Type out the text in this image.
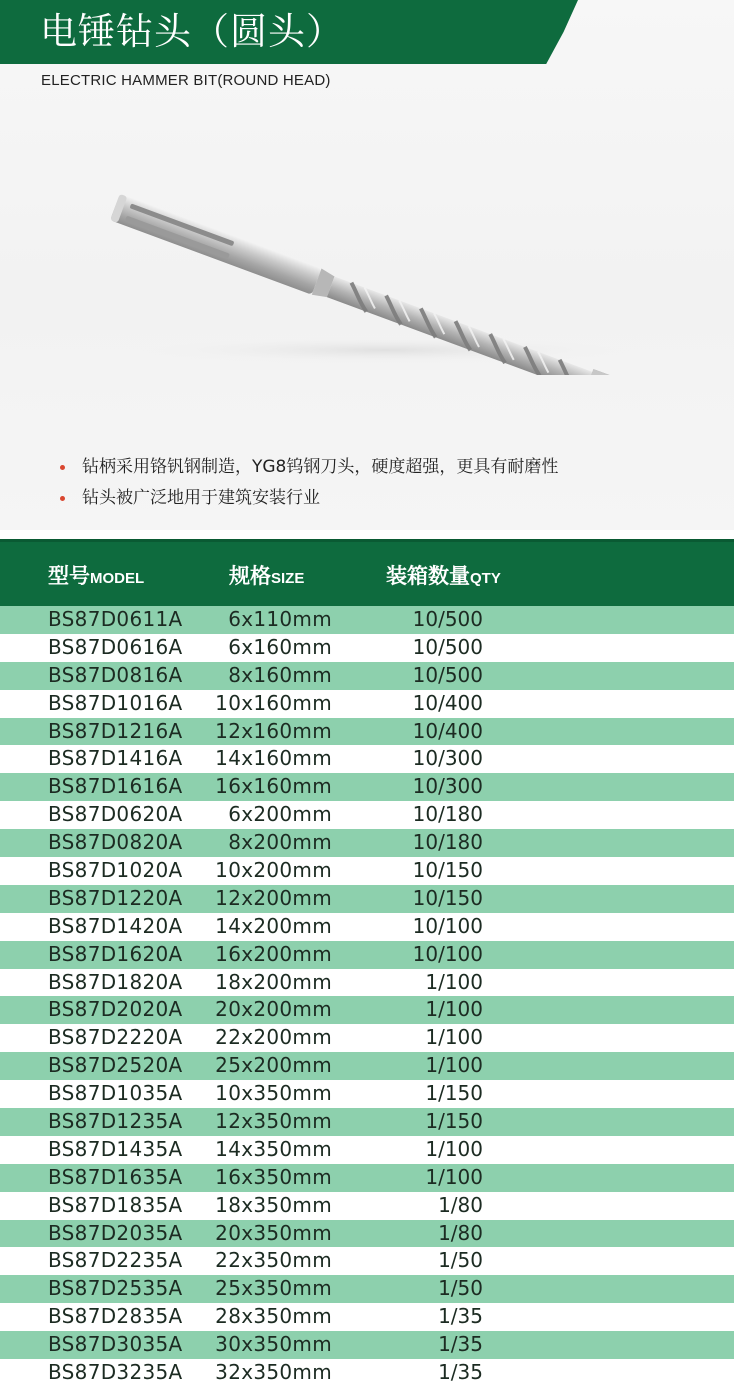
电锤钻头（圆头）
ELECTRIC HAMMER BIT(ROUND HEAD)
钻柄采用铬钒钢制造，YG8钨钢刀头，硬度超强，更具有耐磨性
钻头被广泛地用于建筑安装行业
型号MODEL	规格SIZE	装箱数量QTY
BS87D0611A 6x110mm	10/500
BS87D0616A 6x160mm	10/500
BS87D0816A 8x160mm	10/500
BS87D1016A 10x160mm	10/400
BS87D1216A 12x160mm	10/400
BS87D1416A 14x160mm	10/300
BS87D1616A 16x160mm	10/300
BS87D0620A 6x200mm	10/180
BS87D0820A 8x200mm	10/180
BS87D1020A 10x200mm	10/150
BS87D1220A 12x200mm	10/150
BS87D1420A 14x200mm	10/100
BS87D1620A 16x200mm	10/100
BS87D1820A 18x200mm	1/100
BS87D2020A 20x200mm	1/100
BS87D2220A 22x200mm	1/100
BS87D2520A 25x200mm	1/100
BS87D1035A 10x350mm	1/150
BS87D1235A 12x350mm	1/150
BS87D1435A 14x350mm	1/100
BS87D1635A 16x350mm	1/100
BS87D1835A 18x350mm	1/80
BS87D2035A 20x350mm	1/80
BS87D2235A 22x350mm	1/50
BS87D2535A 25x350mm	1/50
BS87D2835A 28x350mm	1/35
BS87D3035A 30x350mm	1/35
BS87D3235A 32x350mm	1/35
